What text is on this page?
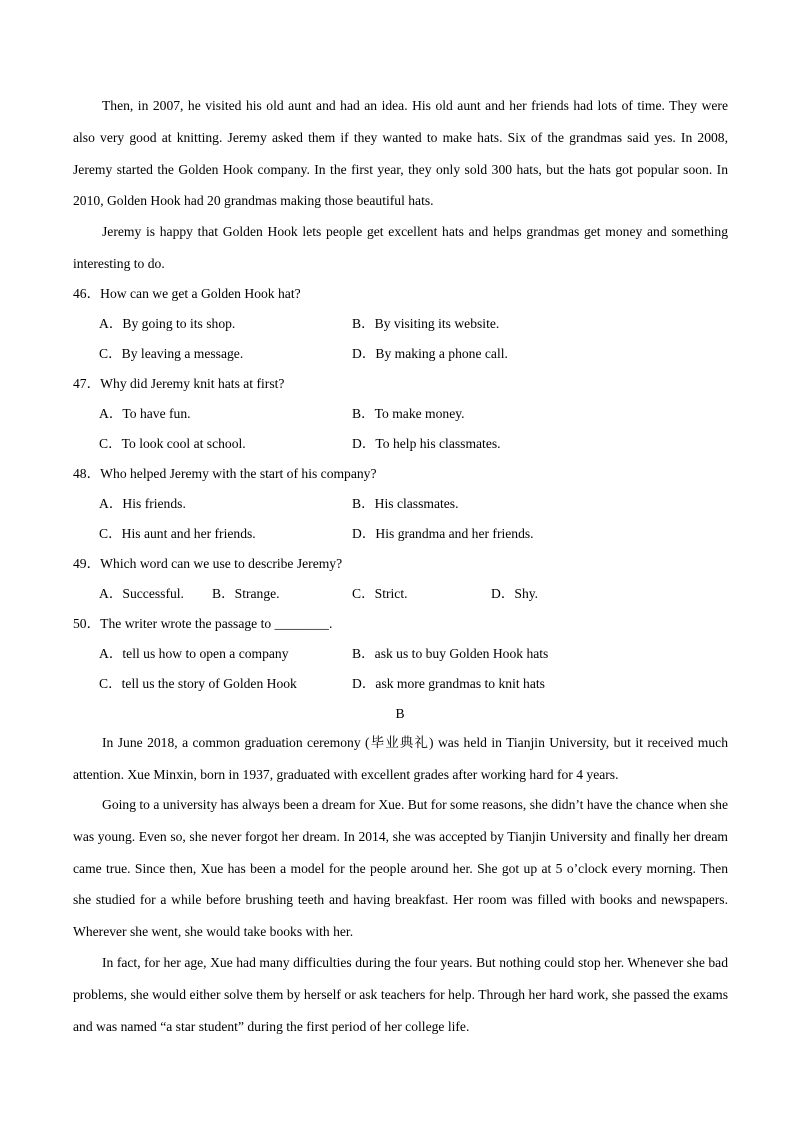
Then, in 2007, he visited his old aunt and had an idea. His old aunt and her friends had lots of time. They were also very good at knitting. Jeremy asked them if they wanted to make hats. Six of the grandmas said yes. In 2008, Jeremy started the Golden Hook company. In the first year, they only sold 300 hats, but the hats got popular soon. In 2010, Golden Hook had 20 grandmas making those beautiful hats.

Jeremy is happy that Golden Hook lets people get excellent hats and helps grandmas get money and something interesting to do.

46．How can we get a Golden Hook hat?
A．By going to its shop.	B．By visiting its website.
C．By leaving a message.	D．By making a phone call.
47．Why did Jeremy knit hats at first?
A．To have fun.	B．To make money.
C．To look cool at school.	D．To help his classmates.
48．Who helped Jeremy with the start of his company?
A．His friends.	B．His classmates.
C．His aunt and her friends.	D．His grandma and her friends.
49．Which word can we use to describe Jeremy?
A．Successful. B．Strange.	C．Strict.	D．Shy.
50．The writer wrote the passage to ________.
A．tell us how to open a company	B．ask us to buy Golden Hook hats
C．tell us the story of Golden Hook	D．ask more grandmas to knit hats
B

In June 2018, a common graduation ceremony (毕业典礼) was held in Tianjin University, but it received much attention. Xue Minxin, born in 1937, graduated with excellent grades after working hard for 4 years.

Going to a university has always been a dream for Xue. But for some reasons, she didn’t have the chance when she was young. Even so, she never forgot her dream. In 2014, she was accepted by Tianjin University and finally her dream came true. Since then, Xue has been a model for the people around her. She got up at 5 o’clock every morning. Then she studied for a while before brushing teeth and having breakfast. Her room was filled with books and newspapers. Wherever she went, she would take books with her.

In fact, for her age, Xue had many difficulties during the four years. But nothing could stop her. Whenever she bad problems, she would either solve them by herself or ask teachers for help. Through her hard work, she passed the exams and was named “a star student” during the first period of her college life.
